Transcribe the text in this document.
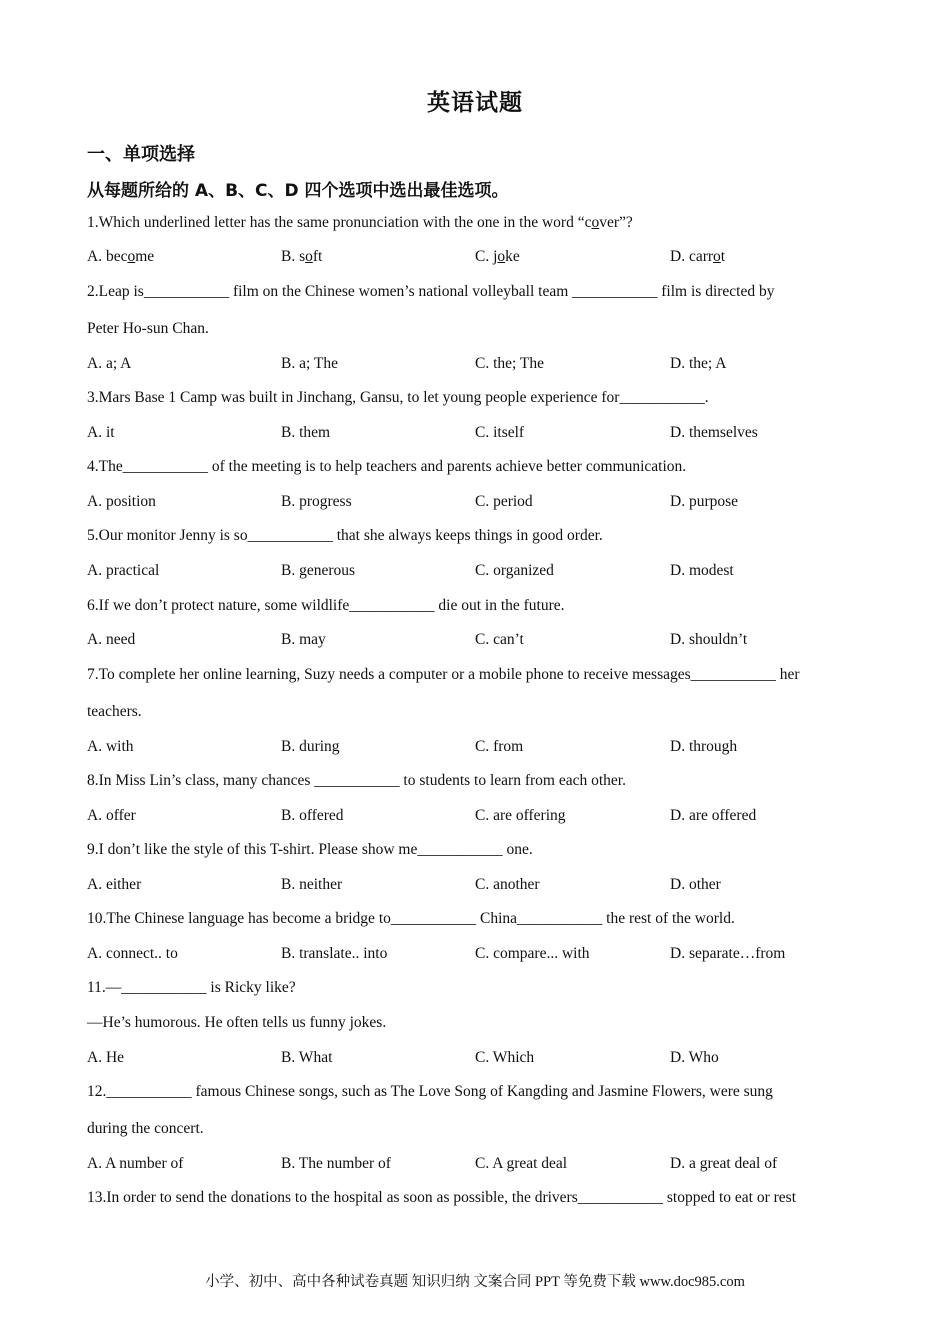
英语试题
一、单项选择
从每题所给的 A、B、C、D 四个选项中选出最佳选项。
1.Which underlined letter has the same pronunciation with the one in the word “cover”?
A. become	B. soft	C. joke	D. carrot
2.Leap is___________ film on the Chinese women’s national volleyball team ___________ film is directed by
Peter Ho-sun Chan.
A. a; A	B. a; The	C. the; The	D. the; A
3.Mars Base 1 Camp was built in Jinchang, Gansu, to let young people experience for___________.
A. it	B. them	C. itself	D. themselves
4.The___________ of the meeting is to help teachers and parents achieve better communication.
A. position	B. progress	C. period	D. purpose
5.Our monitor Jenny is so___________ that she always keeps things in good order.
A. practical	B. generous	C. organized	D. modest
6.If we don’t protect nature, some wildlife___________ die out in the future.
A. need	B. may	C. can’t	D. shouldn’t
7.To complete her online learning, Suzy needs a computer or a mobile phone to receive messages___________ her
teachers.
A. with	B. during	C. from	D. through
8.In Miss Lin’s class, many chances ___________ to students to learn from each other.
A. offer	B. offered	C. are offering	D. are offered
9.I don’t like the style of this T-shirt. Please show me___________ one.
A. either	B. neither	C. another	D. other
10.The Chinese language has become a bridge to___________ China___________ the rest of the world.
A. connect.. to	B. translate.. into	C. compare... with	D. separate…from
11.—___________ is Ricky like?
—He’s humorous. He often tells us funny jokes.
A. He	B. What	C. Which	D. Who
12.___________ famous Chinese songs, such as The Love Song of Kangding and Jasmine Flowers, were sung
during the concert.
A. A number of	B. The number of	C. A great deal	D. a great deal of
13.In order to send the donations to the hospital as soon as possible, the drivers___________ stopped to eat or rest
小学、初中、高中各种试卷真题 知识归纳 文案合同 PPT 等免费下载 www.doc985.com
